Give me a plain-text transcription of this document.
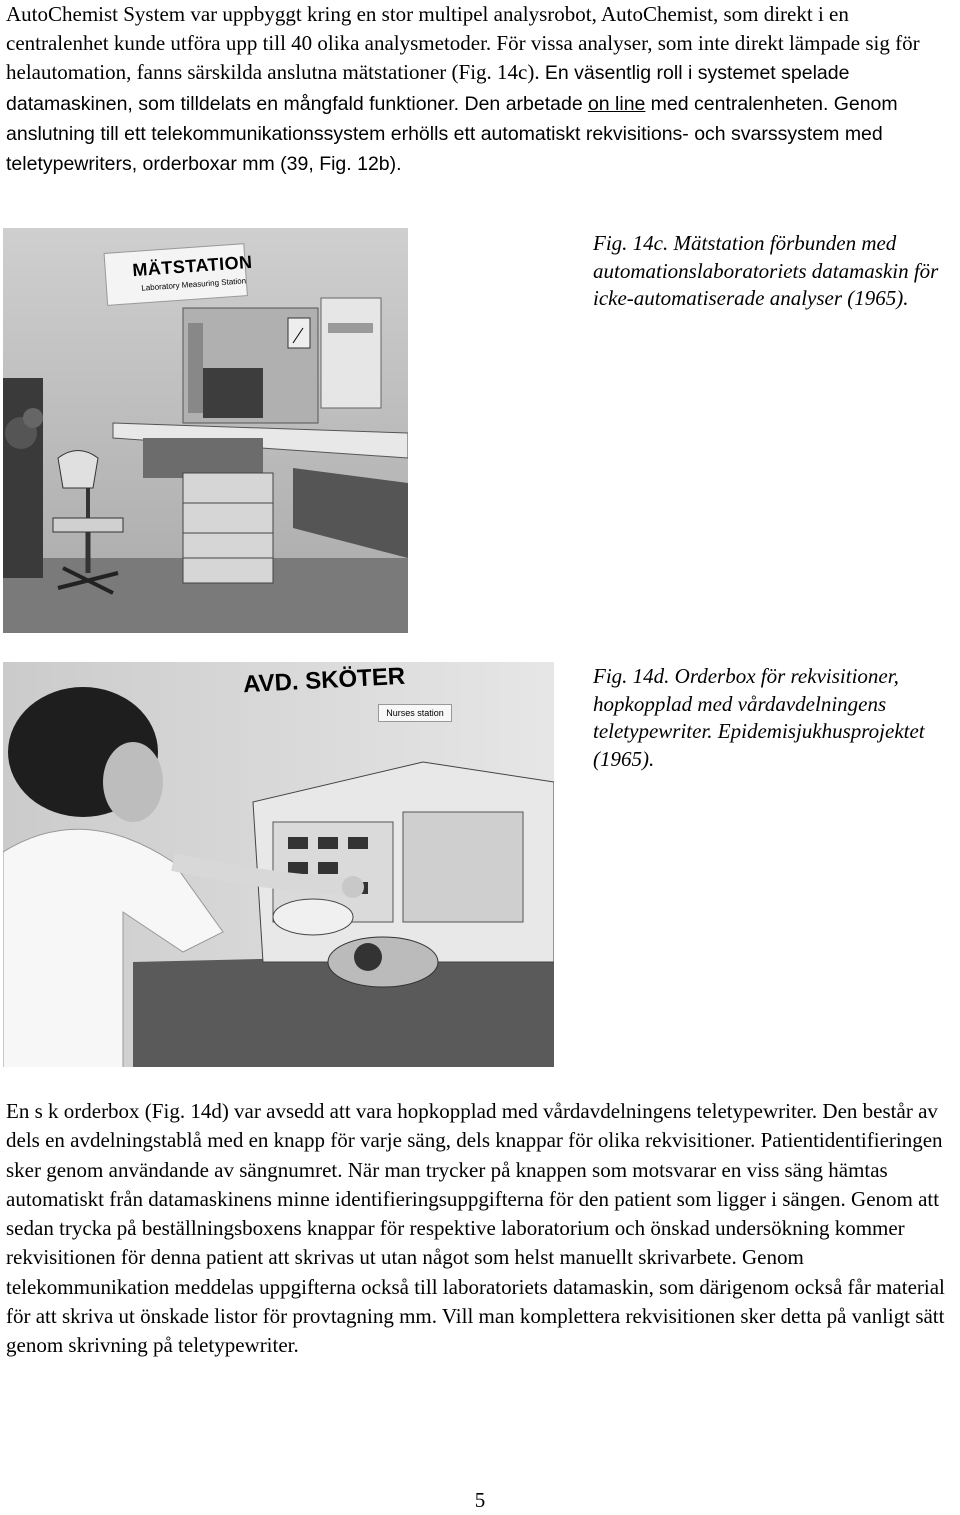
AutoChemist System var uppbyggt kring en stor multipel analysrobot, AutoChemist, som direkt i en centralenhet kunde utföra upp till 40 olika analysmetoder. För vissa analyser, som inte direkt lämpade sig för helautomation, fanns särskilda anslutna mätstationer (Fig. 14c). En väsentlig roll i systemet spelade datamaskinen, som tilldelats en mångfald funktioner. Den arbetade on line med centralenheten. Genom anslutning till ett telekommunikationssystem erhölls ett automatiskt rekvisitions- och svarssystem med teletypewriters, orderboxar mm (39, Fig. 12b).
MÄTSTATION
Laboratory Measuring Station
Fig. 14c. Mätstation förbunden med automationslaboratoriets datamaskin för icke-automatiserade analyser (1965).
AVD. SKÖTER
Nurses station
Fig. 14d. Orderbox för rekvisitioner, hopkopplad med vårdavdelningens teletypewriter. Epidemisjukhusprojektet (1965).
En s k orderbox (Fig. 14d) var avsedd att vara hopkopplad med vårdavdelningens teletypewriter. Den består av dels en avdelningstablå med en knapp för varje säng, dels knappar för olika rekvisitioner. Patientidentifieringen sker genom användande av sängnumret. När man trycker på knappen som motsvarar en viss säng hämtas automatiskt från datamaskinens minne identifieringsuppgifterna för den patient som ligger i sängen. Genom att sedan trycka på beställningsboxens knappar för respektive laboratorium och önskad undersökning kommer rekvisitionen för denna patient att skrivas ut utan något som helst manuellt skrivarbete. Genom telekommunikation meddelas uppgifterna också till laboratoriets datamaskin, som därigenom också får material för att skriva ut önskade listor för provtagning mm. Vill man komplettera rekvisitionen sker detta på vanligt sätt genom skrivning på teletypewriter.
5
